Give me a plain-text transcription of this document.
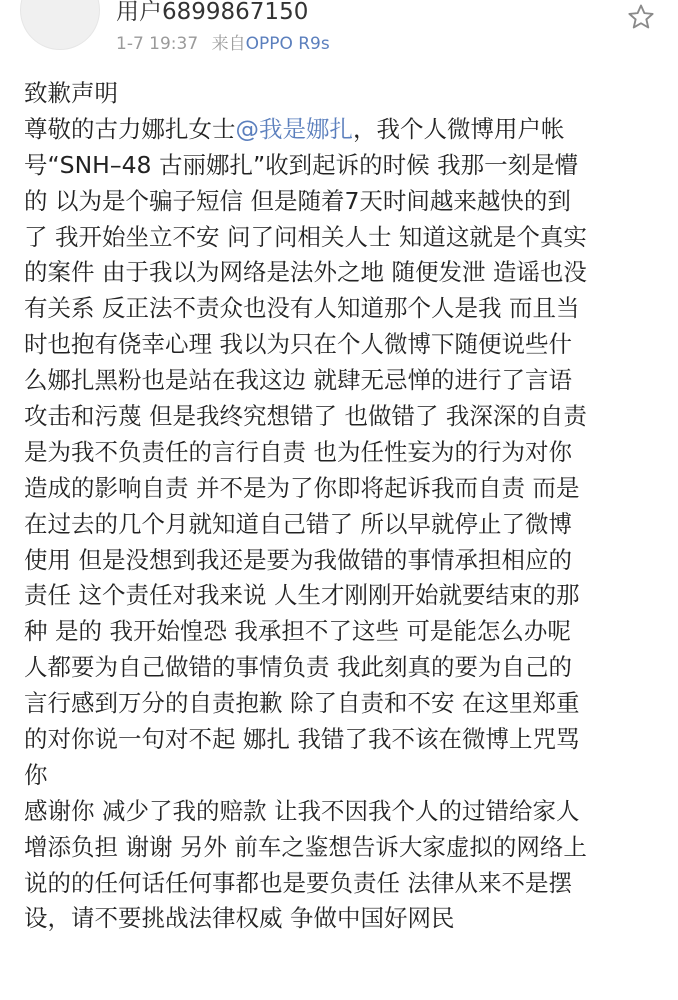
用户6899867150
1-7 19:37 来自OPPO R9s
致歉声明
尊敬的古力娜扎女士@我是娜扎，我个人微博用户帐
号“SNH–48 古丽娜扎”收到起诉的时候 我那一刻是懵
的 以为是个骗子短信 但是随着7天时间越来越快的到
了 我开始坐立不安 问了问相关人士 知道这就是个真实
的案件 由于我以为网络是法外之地 随便发泄 造谣也没
有关系 反正法不责众也没有人知道那个人是我 而且当
时也抱有侥幸心理 我以为只在个人微博下随便说些什
么娜扎黑粉也是站在我这边 就肆无忌惮的进行了言语
攻击和污蔑 但是我终究想错了 也做错了 我深深的自责
是为我不负责任的言行自责 也为任性妄为的行为对你
造成的影响自责 并不是为了你即将起诉我而自责 而是
在过去的几个月就知道自己错了 所以早就停止了微博
使用 但是没想到我还是要为我做错的事情承担相应的
责任 这个责任对我来说 人生才刚刚开始就要结束的那
种 是的 我开始惶恐 我承担不了这些 可是能怎么办呢
人都要为自己做错的事情负责 我此刻真的要为自己的
言行感到万分的自责抱歉 除了自责和不安 在这里郑重
的对你说一句对不起 娜扎 我错了我不该在微博上咒骂
你
感谢你 减少了我的赔款 让我不因我个人的过错给家人
增添负担 谢谢 另外 前车之鉴想告诉大家虚拟的网络上
说的的任何话任何事都也是要负责任 法律从来不是摆
设，请不要挑战法律权威 争做中国好网民
